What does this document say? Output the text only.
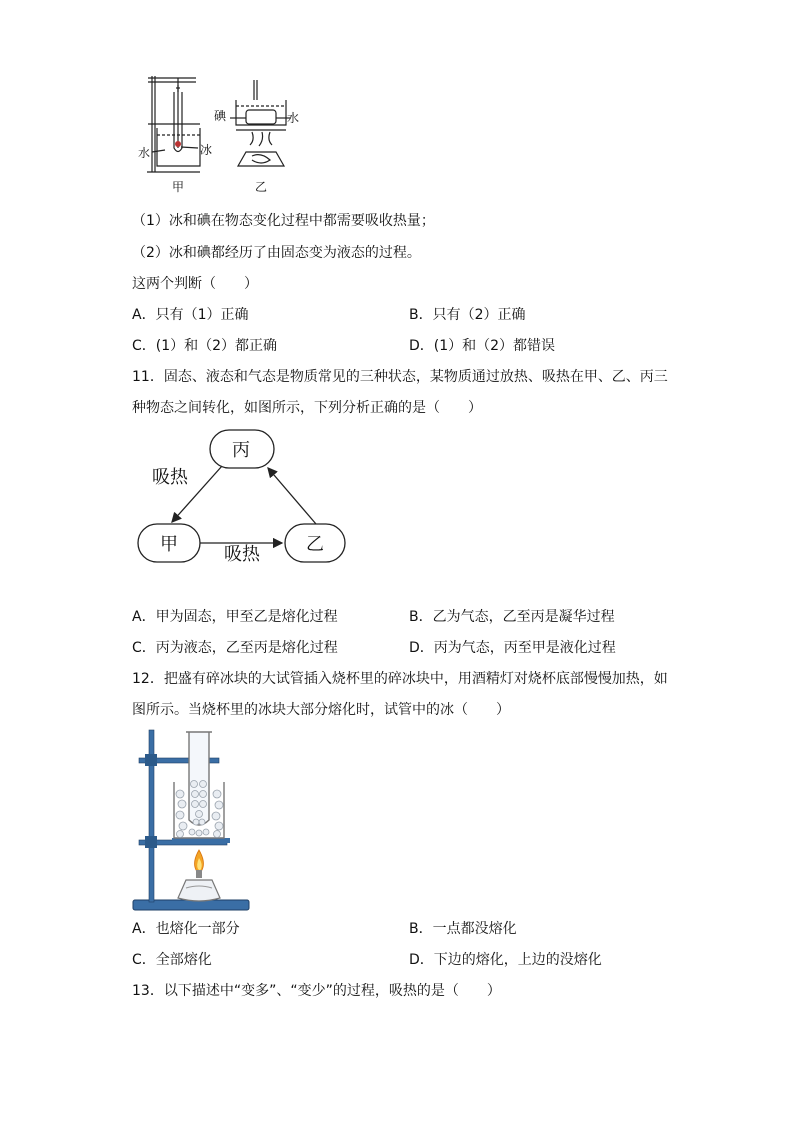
水	冰
碘	水
甲	乙
（1）冰和碘在物态变化过程中都需要吸收热量；
（2）冰和碘都经历了由固态变为液态的过程。
这两个判断（　　）
A．只有（1）正确	B．只有（2）正确
C．(1）和（2）都正确	D．(1）和（2）都错误
11．固态、液态和气态是物质常见的三种状态，某物质通过放热、吸热在甲、乙、丙三
种物态之间转化，如图所示，下列分析正确的是（　　）
丙
甲	乙
吸热
吸热
A．甲为固态，甲至乙是熔化过程	B．乙为气态，乙至丙是凝华过程
C．丙为液态，乙至丙是熔化过程	D．丙为气态，丙至甲是液化过程
12．把盛有碎冰块的大试管插入烧杯里的碎冰块中，用酒精灯对烧杯底部慢慢加热，如
图所示。当烧杯里的冰块大部分熔化时，试管中的冰（　　）
A．也熔化一部分	B．一点都没熔化
C．全部熔化	D．下边的熔化，上边的没熔化
13．以下描述中“变多”、“变少”的过程，吸热的是（　　）
